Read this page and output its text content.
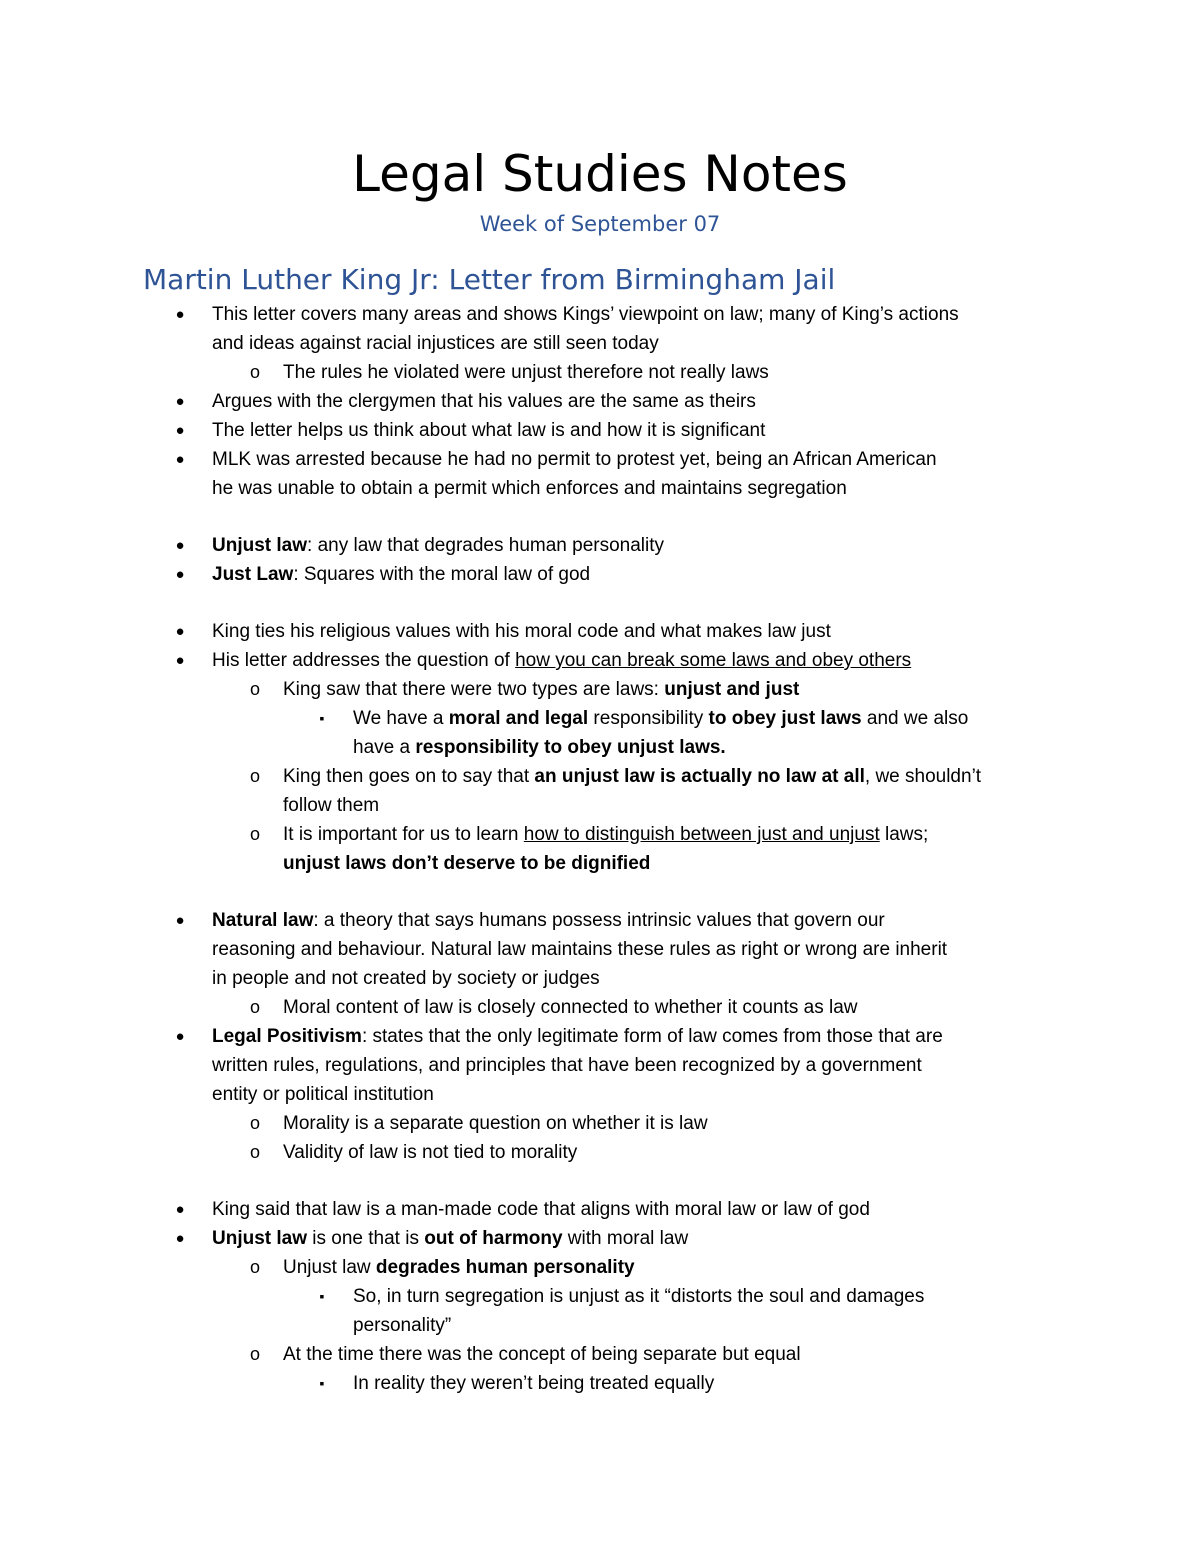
Legal Studies Notes
Week of September 07
Martin Luther King Jr: Letter from Birmingham Jail
● This letter covers many areas and shows Kings’ viewpoint on law; many of King’s actions
and ideas against racial injustices are still seen today
o The rules he violated were unjust therefore not really laws
● Argues with the clergymen that his values are the same as theirs
● The letter helps us think about what law is and how it is significant
● MLK was arrested because he had no permit to protest yet, being an African American
he was unable to obtain a permit which enforces and maintains segregation
● Unjust law: any law that degrades human personality
● Just Law: Squares with the moral law of god
● King ties his religious values with his moral code and what makes law just
● His letter addresses the question of how you can break some laws and obey others
o King saw that there were two types are laws: unjust and just
▪	We have a moral and legal responsibility to obey just laws and we also
have a responsibility to obey unjust laws.
o King then goes on to say that an unjust law is actually no law at all, we shouldn’t
follow them
o It is important for us to learn how to distinguish between just and unjust laws;
unjust laws don’t deserve to be dignified
● Natural law: a theory that says humans possess intrinsic values that govern our
reasoning and behaviour. Natural law maintains these rules as right or wrong are inherit
in people and not created by society or judges
o Moral content of law is closely connected to whether it counts as law
● Legal Positivism: states that the only legitimate form of law comes from those that are
written rules, regulations, and principles that have been recognized by a government
entity or political institution
o Morality is a separate question on whether it is law
o Validity of law is not tied to morality
● King said that law is a man-made code that aligns with moral law or law of god
● Unjust law is one that is out of harmony with moral law
o Unjust law degrades human personality
▪	So, in turn segregation is unjust as it “distorts the soul and damages
personality”
o At the time there was the concept of being separate but equal
▪	In reality they weren’t being treated equally
